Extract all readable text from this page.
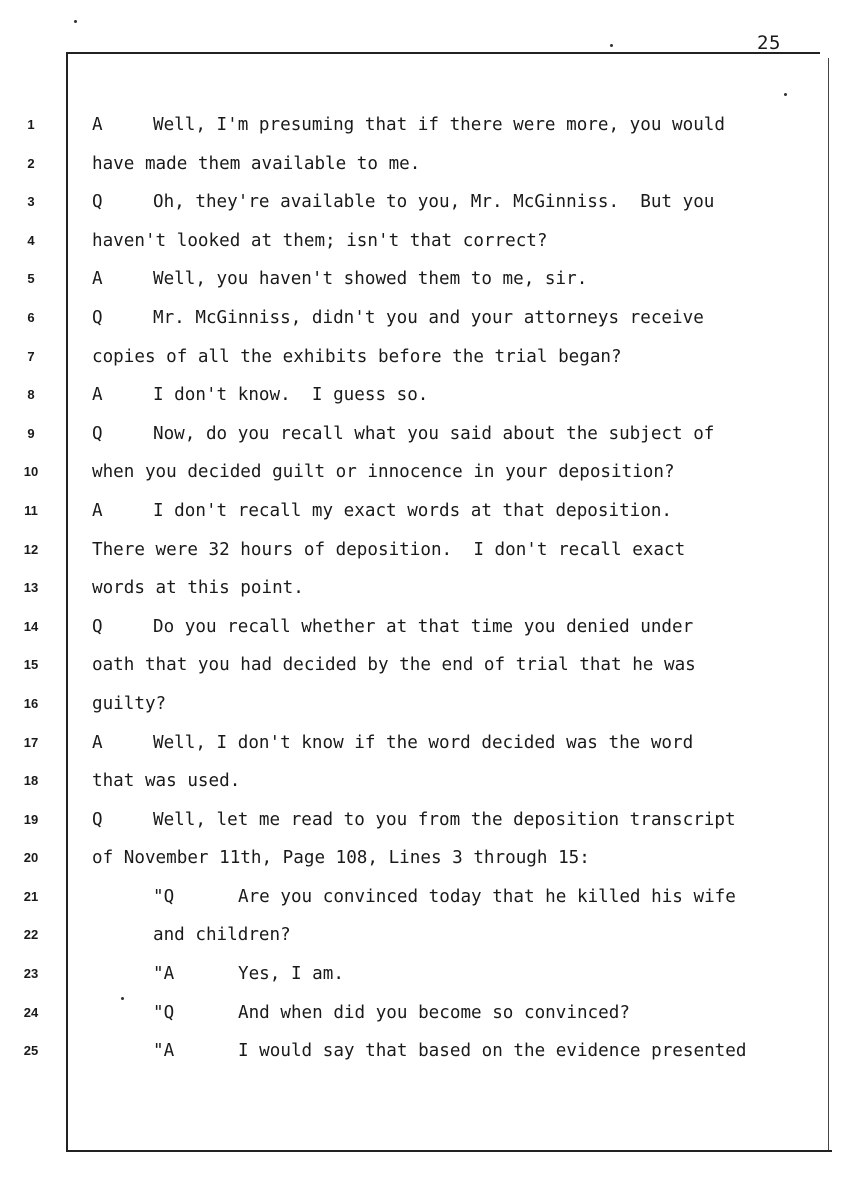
25
1
2
3
4
5
6
7
8
9
10
11
12
13
14
15
16
17
18
19
20
21
22
23
24
25
A	Well, I'm presuming that if there were more, you would
have made them available to me.
Q	Oh, they're available to you, Mr. McGinniss.  But you
haven't looked at them; isn't that correct?
A	Well, you haven't showed them to me, sir.
Q	Mr. McGinniss, didn't you and your attorneys receive
copies of all the exhibits before the trial began?
A	I don't know.  I guess so.
Q	Now, do you recall what you said about the subject of
when you decided guilt or innocence in your deposition?
A	I don't recall my exact words at that deposition.
There were 32 hours of deposition.  I don't recall exact
words at this point.
Q	Do you recall whether at that time you denied under
oath that you had decided by the end of trial that he was
guilty?
A	Well, I don't know if the word decided was the word
that was used.
Q	Well, let me read to you from the deposition transcript
of November 11th, Page 108, Lines 3 through 15:
"Q	Are you convinced today that he killed his wife
and children?
"A	Yes, I am.
"Q	And when did you become so convinced?
"A	I would say that based on the evidence presented
